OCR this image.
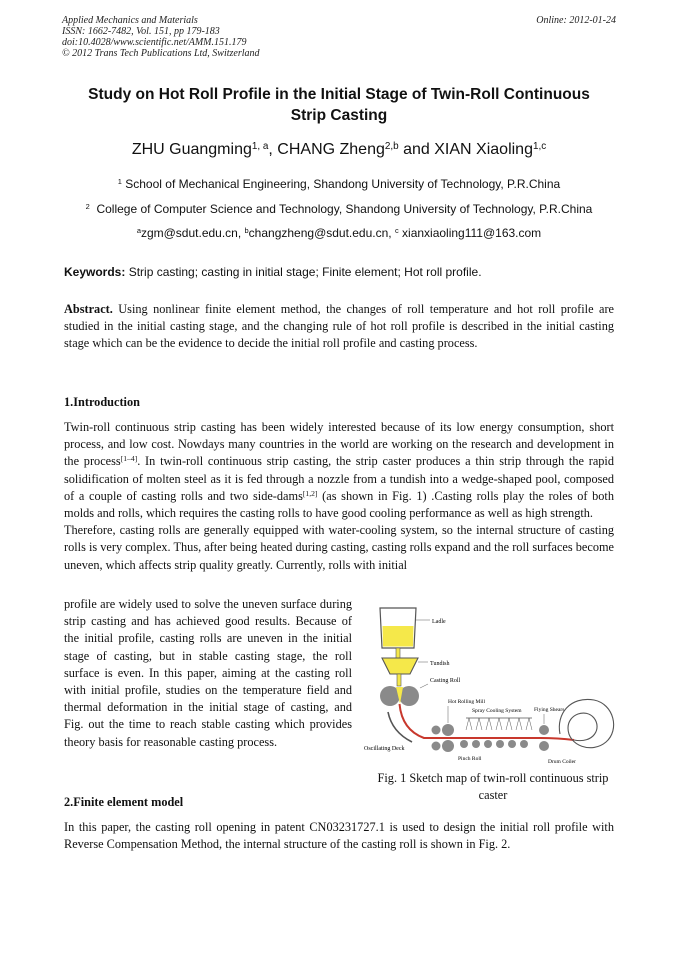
Applied Mechanics and Materials
ISSN: 1662-7482, Vol. 151, pp 179-183
doi:10.4028/www.scientific.net/AMM.151.179
© 2012 Trans Tech Publications Ltd, Switzerland
Online: 2012-01-24
Study on Hot Roll Profile in the Initial Stage of Twin-Roll Continuous Strip Casting
ZHU Guangming$^{1, a}$, CHANG Zheng$^{2,b}$ and XIAN Xiaoling$^{1,c}$
$^1$ School of Mechanical Engineering, Shandong University of Technology, P.R.China
$^2$  College of Computer Science and Technology, Shandong University of Technology, P.R.China
$^a$zgm@sdut.edu.cn, $^b$changzheng@sdut.edu.cn, $^c$ xianxiaoling111@163.com
Keywords: Strip casting; casting in initial stage; Finite element; Hot roll profile.

Abstract. Using nonlinear finite element method, the changes of roll temperature and hot roll profile are studied in the initial casting stage, and the changing rule of hot roll profile is described in the initial casting stage which can be the evidence to decide the initial roll profile and casting process.

1.Introduction

Twin-roll continuous strip casting has been widely interested because of its low energy consumption, short process, and low cost. Nowdays many countries in the world are working on the research and development in the process[1–4]. In twin-roll continuous strip casting, the strip caster produces a thin strip through the rapid solidification of molten steel as it is fed through a nozzle from a tundish into a wedge-shaped pool, composed of a couple of casting rolls and two side-dams[1,2] (as shown in Fig. 1) .Casting rolls play the roles of both molds and rolls, which requires the casting rolls to have good cooling performance as well as high strength.

Therefore, casting rolls are generally equipped with water-cooling system, so the internal structure of casting rolls is very complex. Thus, after being heated during casting, casting rolls expand and the roll surfaces become uneven, which affects strip quality greatly. Currently, rolls with initial

profile are widely used to solve the uneven surface during strip casting and has achieved good results. Because of the initial profile, casting rolls are uneven in the initial stage of casting, but in stable casting stage, the roll surface is even. In this paper, aiming at the casting roll with initial profile, studies on the temperature field and thermal deformation in the initial stage of casting, and Fig. out the time to reach stable casting which provides theory basis for reasonable casting process.
Ladle
Tundish
Casting Roll
Oscillating Deck
Hot Rolling Mill
Spray Cooling System
Pinch Roll
Flying Shears
Drum Coiler
Fig. 1 Sketch map of twin-roll continuous strip caster
2.Finite element model
In this paper, the casting roll opening in patent CN03231727.1 is used to design the initial roll profile with Reverse Compensation Method, the internal structure of the casting roll is shown in Fig. 2.
